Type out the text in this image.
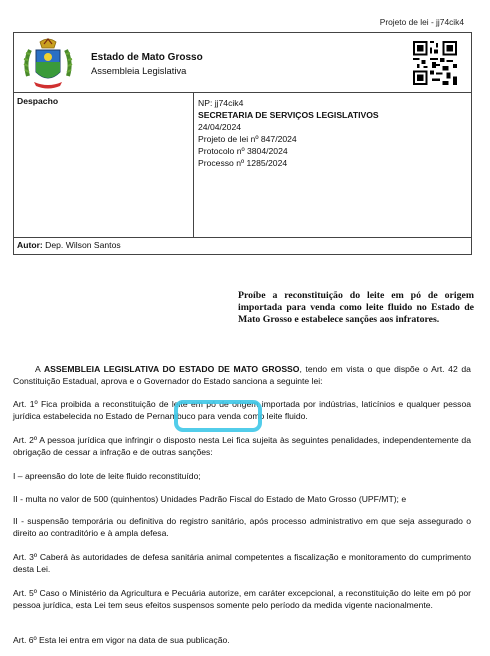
Projeto de lei - jj74cik4
Estado de Mato Grosso
Assembleia Legislativa
Despacho	NP: jj74cik4
SECRETARIA DE SERVIÇOS LEGISLATIVOS
24/04/2024
Projeto de lei nº 847/2024
Protocolo nº 3804/2024
Processo nº 1285/2024
Autor: Dep. Wilson Santos
Proíbe a reconstituição do leite em pó de origem importada para venda como leite fluido no Estado de Mato Grosso e estabelece sanções aos infratores.
A ASSEMBLEIA LEGISLATIVA DO ESTADO DE MATO GROSSO, tendo em vista o que dispõe o Art. 42 da Constituição Estadual, aprova e o Governador do Estado sanciona a seguinte lei:
Art. 1º Fica proibida a reconstituição de leite em pó de origem importada por indústrias, laticínios e qualquer pessoa jurídica estabelecida no Estado de Pernambuco para venda como leite fluido.
Art. 2º A pessoa jurídica que infringir o disposto nesta Lei fica sujeita às seguintes penalidades, independentemente da obrigação de cessar a infração e de outras sanções:
I – apreensão do lote de leite fluido reconstituído;
II - multa no valor de 500 (quinhentos) Unidades Padrão Fiscal do Estado de Mato Grosso (UPF/MT); e
II - suspensão temporária ou definitiva do registro sanitário, após processo administrativo em que seja assegurado o direito ao contraditório e à ampla defesa.
Art. 3º Caberá às autoridades de defesa sanitária animal competentes a fiscalização e monitoramento do cumprimento desta Lei.
Art. 5º Caso o Ministério da Agricultura e Pecuária autorize, em caráter excepcional, a reconstituição do leite em pó por pessoa jurídica, esta Lei tem seus efeitos suspensos somente pelo período da medida vigente nacionalmente.
Art. 6º Esta lei entra em vigor na data de sua publicação.
